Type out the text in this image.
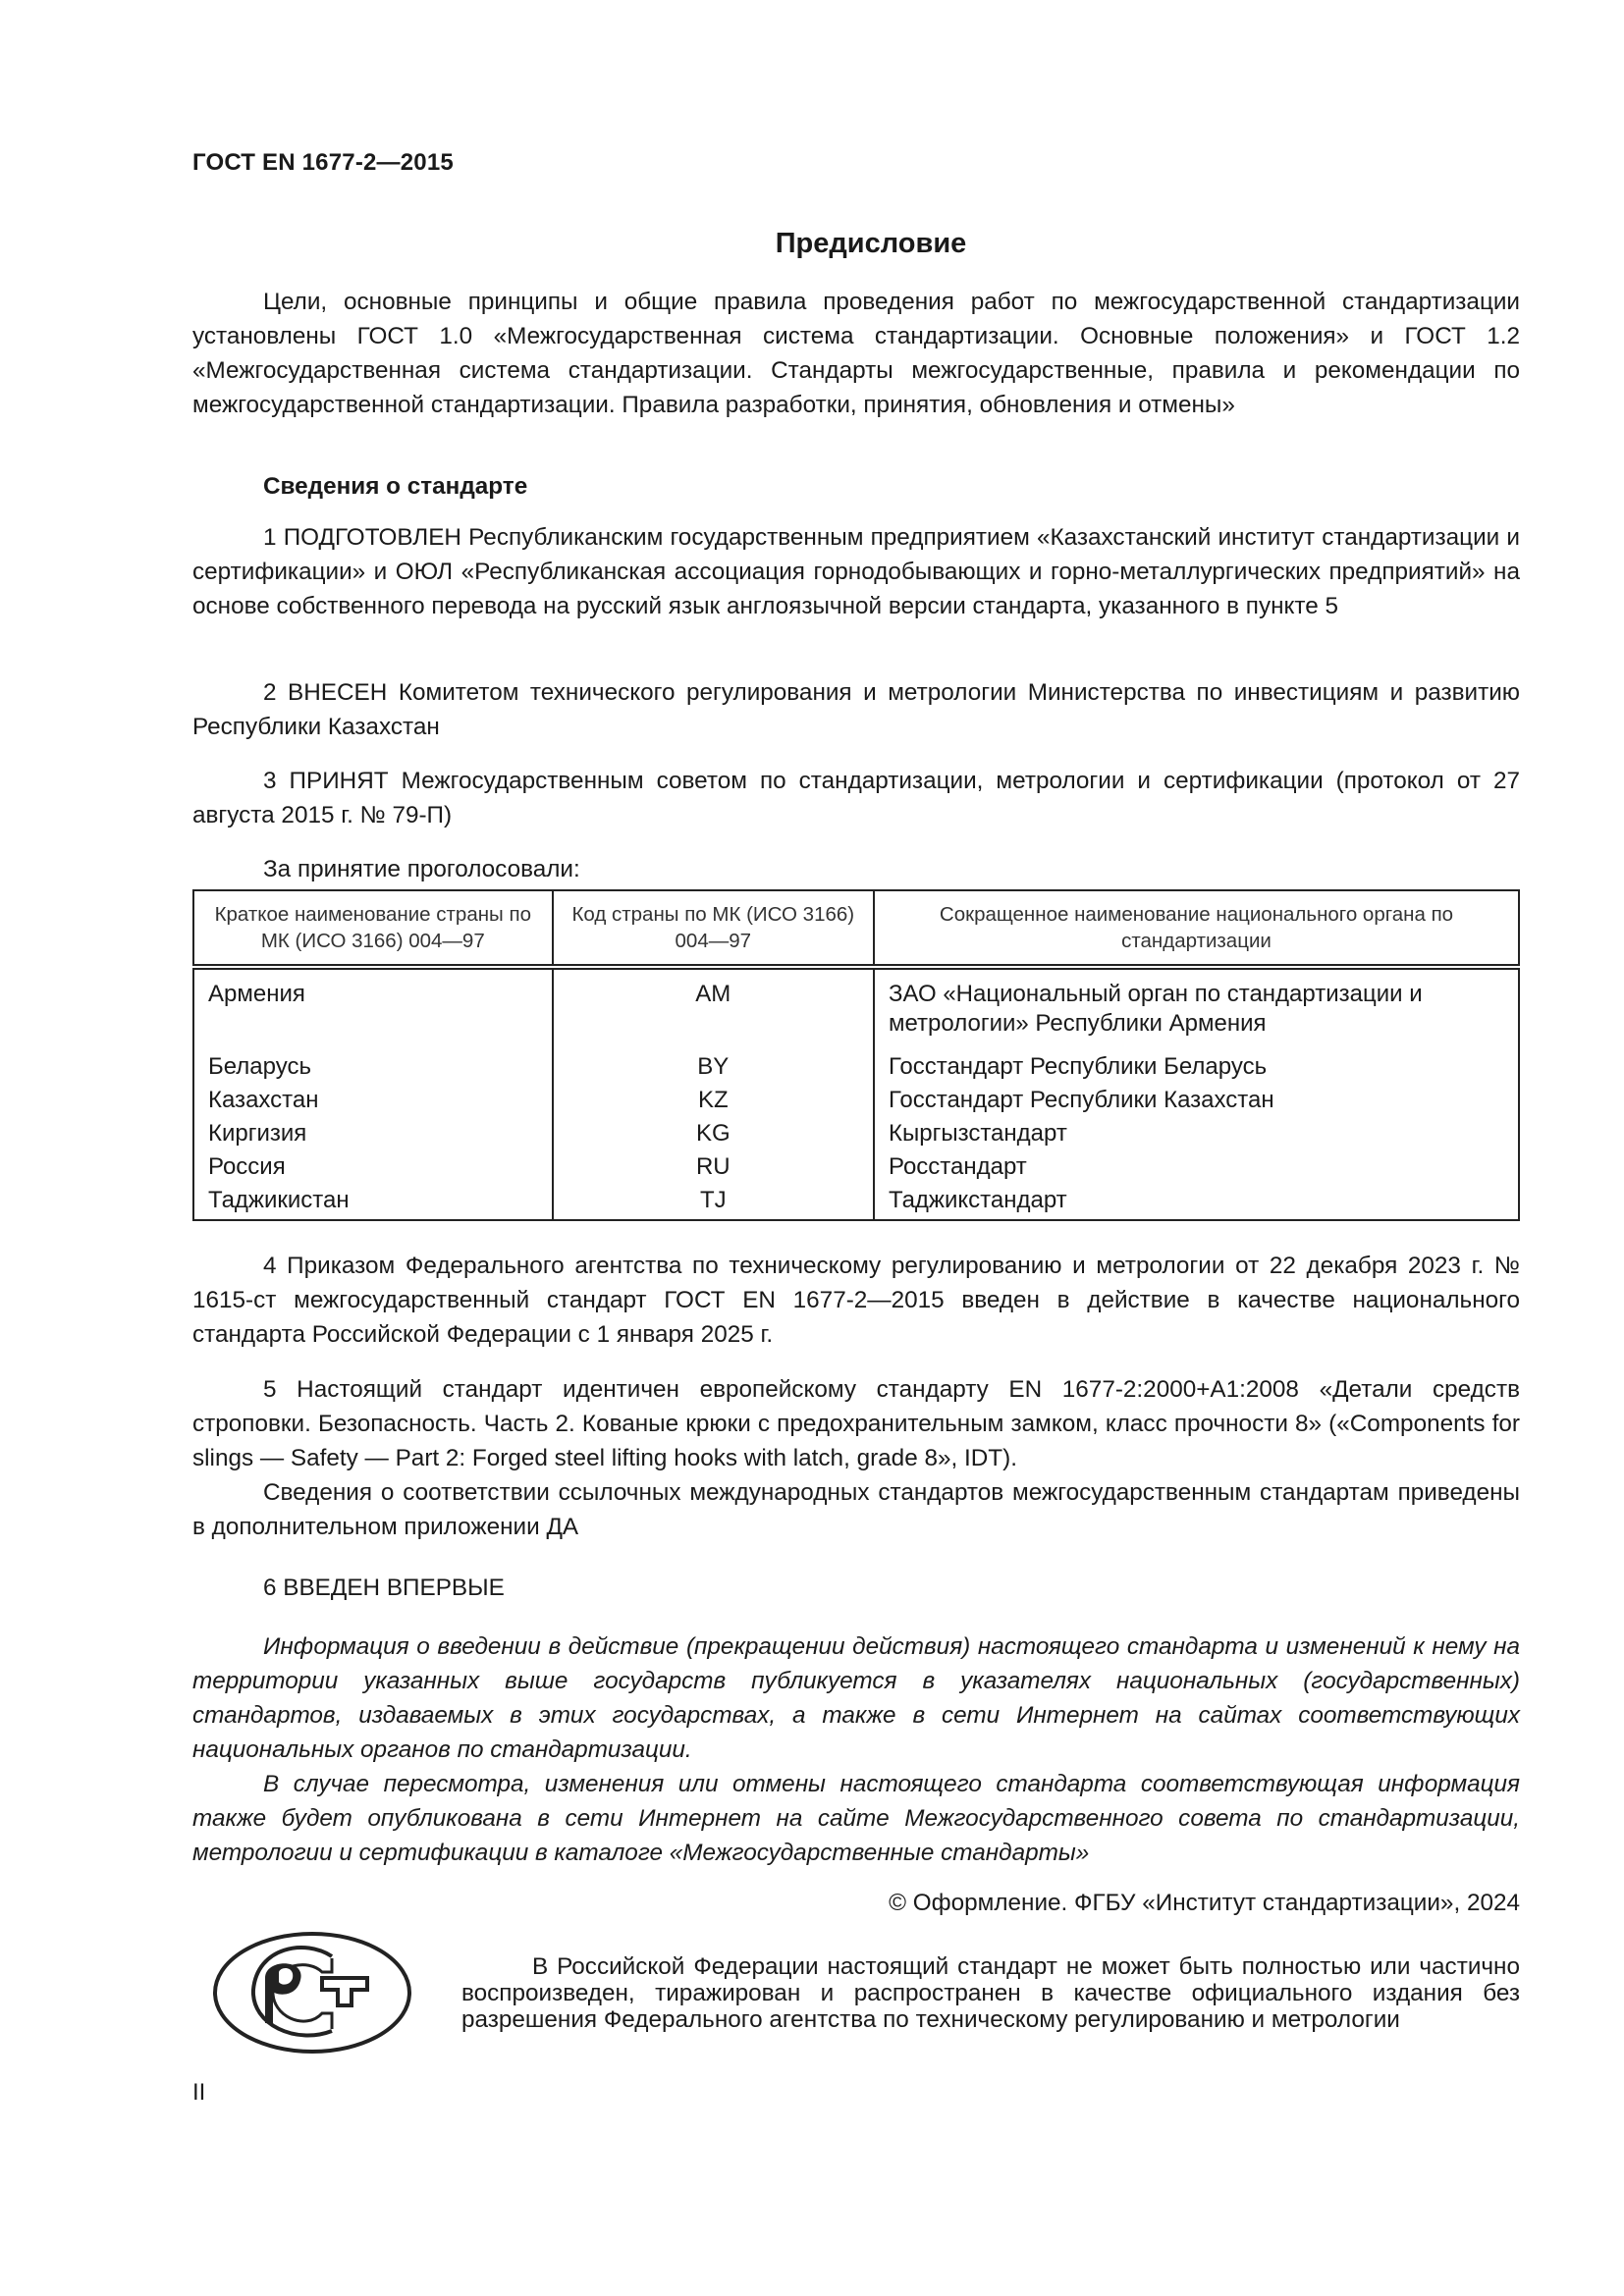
ГОСТ EN 1677-2—2015
Предисловие

Цели, основные принципы и общие правила проведения работ по межгосударственной стандартизации установлены ГОСТ 1.0 «Межгосударственная система стандартизации. Основные положения» и ГОСТ 1.2 «Межгосударственная система стандартизации. Стандарты межгосударственные, правила и рекомендации по межгосударственной стандартизации. Правила разработки, принятия, обновления и отмены»

Сведения о стандарте

1 ПОДГОТОВЛЕН Республиканским государственным предприятием «Казахстанский институт стандартизации и сертификации» и ОЮЛ «Республиканская ассоциация горнодобывающих и горно-металлургических предприятий» на основе собственного перевода на русский язык англоязычной версии стандарта, указанного в пункте 5

2 ВНЕСЕН Комитетом технического регулирования и метрологии Министерства по инвестициям и развитию Республики Казахстан

3 ПРИНЯТ Межгосударственным советом по стандартизации, метрологии и сертификации (протокол от 27 августа 2015 г. № 79-П)

За принятие проголосовали:

Краткое наименование страны по МК (ИСО 3166) 004—97	Код страны по МК (ИСО 3166) 004—97	Сокращенное наименование национального органа по стандартизации
Армения	AM	ЗАО «Национальный орган по стандартизации и метрологии» Республики Армения
Беларусь	BY	Госстандарт Республики Беларусь
Казахстан	KZ	Госстандарт Республики Казахстан
Киргизия	KG	Кыргызстандарт
Россия	RU	Росстандарт
Таджикистан	TJ	Таджикстандарт

4 Приказом Федерального агентства по техническому регулированию и метрологии от 22 декабря 2023 г. № 1615-ст межгосударственный стандарт ГОСТ EN 1677-2—2015 введен в действие в качестве национального стандарта Российской Федерации с 1 января 2025 г.

5 Настоящий стандарт идентичен европейскому стандарту EN 1677-2:2000+A1:2008 «Детали средств строповки. Безопасность. Часть 2. Кованые крюки с предохранительным замком, класс прочности 8» («Components for slings — Safety — Part 2: Forged steel lifting hooks with latch, grade 8», IDT).

Сведения о соответствии ссылочных международных стандартов межгосударственным стандартам приведены в дополнительном приложении ДА

6 ВВЕДЕН ВПЕРВЫЕ

Информация о введении в действие (прекращении действия) настоящего стандарта и изменений к нему на территории указанных выше государств публикуется в указателях национальных (государственных) стандартов, издаваемых в этих государствах, а также в сети Интернет на сайтах соответствующих национальных органов по стандартизации.

В случае пересмотра, изменения или отмены настоящего стандарта соответствующая информация также будет опубликована в сети Интернет на сайте Межгосударственного совета по стандартизации, метрологии и сертификации в каталоге «Межгосударственные стандарты»

© Оформление. ФГБУ «Институт стандартизации», 2024

В Российской Федерации настоящий стандарт не может быть полностью или частично воспроизведен, тиражирован и распространен в качестве официального издания без разрешения Федерального агентства по техническому регулированию и метрологии

II
